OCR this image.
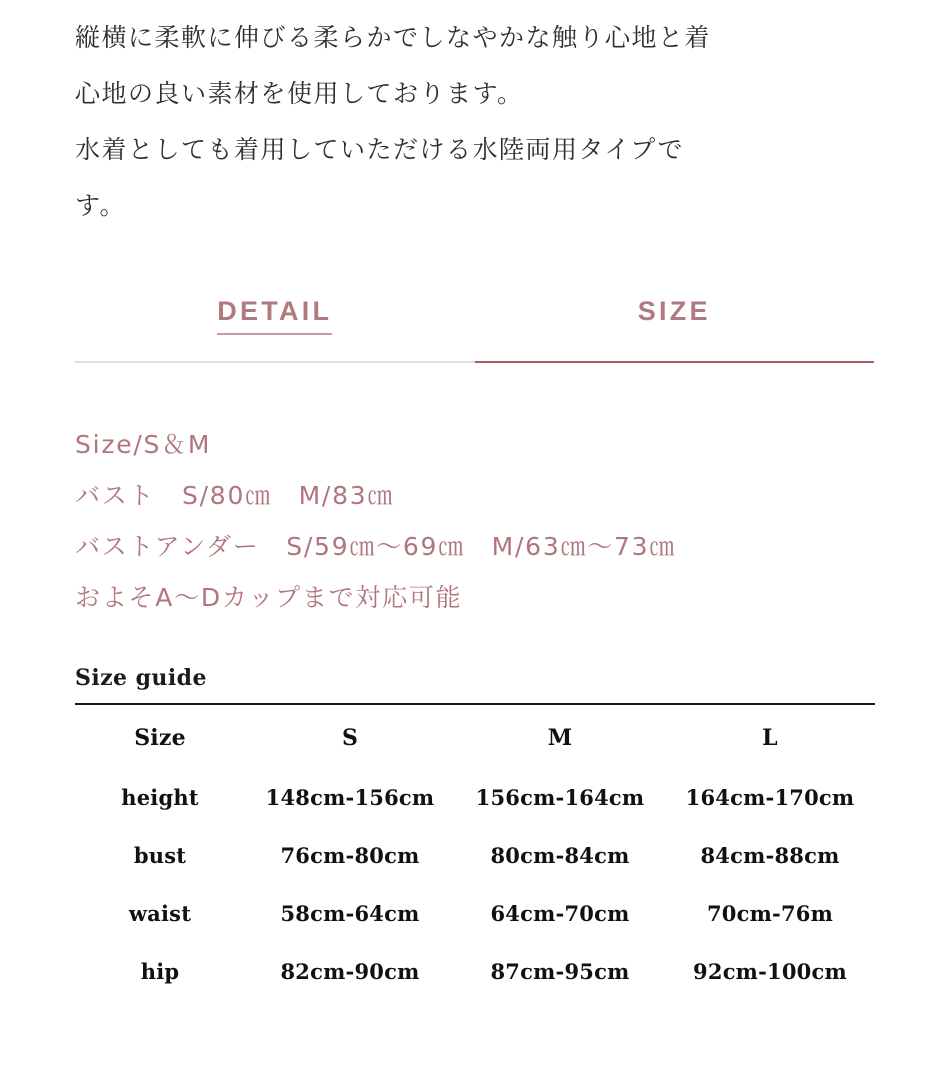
縦横に柔軟に伸びる柔らかでしなやかな触り心地と着

心地の良い素材を使用しております。

水着としても着用していただける水陸両用タイプで

す。

DETAIL	SIZE
Size/S＆M
バスト　S/80㎝　M/83㎝
バストアンダー　S/59㎝〜69㎝　M/63㎝〜73㎝
およそA〜Dカップまで対応可能
Size guide
Size	S	M	L
height	148cm-156cm	156cm-164cm	164cm-170cm
bust	76cm-80cm	80cm-84cm	84cm-88cm
waist	58cm-64cm	64cm-70cm	70cm-76m
hip	82cm-90cm	87cm-95cm	92cm-100cm
